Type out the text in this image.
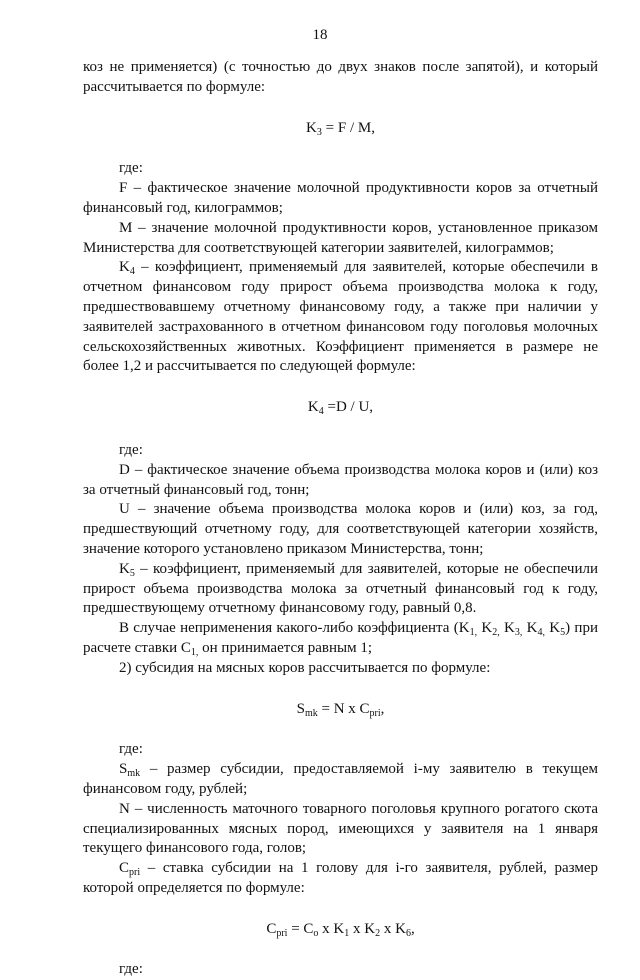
18

коз не применяется) (с точностью до двух знаков после запятой), и который рассчитывается по формуле:

$K_3 = F / M$,

где:

F – фактическое значение молочной продуктивности коров за отчетный финансовый год, килограммов;

M – значение молочной продуктивности коров, установленное приказом Министерства для соответствующей категории заявителей, килограммов;

$K_4$ – коэффициент, применяемый для заявителей, которые обеспечили в отчетном финансовом году прирост объема производства молока к году, предшествовавшему отчетному финансовому году, а также при наличии у заявителей застрахованного в отчетном финансовом году поголовья молочных сельскохозяйственных животных. Коэффициент применяется в размере не более 1,2 и рассчитывается по следующей формуле:

$K_4 =D / U$,

где:

D – фактическое значение объема производства молока коров и (или) коз за отчетный финансовый год, тонн;

U – значение объема производства молока коров и (или) коз, за год, предшествующий отчетному году, для соответствующей категории хозяйств, значение которого установлено приказом Министерства, тонн;

$K_5$ – коэффициент, применяемый для заявителей, которые не обеспечили прирост объема производства молока за отчетный финансовый год к году, предшествующему отчетному финансовому году, равный 0,8.

В случае неприменения какого-либо коэффициента ($K_{1,}$ $K_{2,}$ $K_{3,}$ $K_{4,}$ $K_5$) при расчете ставки $C_{1,}$ он принимается равным 1;

2) субсидия на мясных коров рассчитывается по формуле:

$S_{mk} = N$ x $C_{pri}$,

где:

$S_{mk}$ – размер субсидии, предоставляемой i-му заявителю в текущем финансовом году, рублей;

N – численность маточного товарного поголовья крупного рогатого скота специализированных мясных пород, имеющихся у заявителя на 1 января текущего финансового года, голов;

$C_{pri}$ – ставка субсидии на 1 голову для i-го заявителя, рублей, размер которой определяется по формуле:

$C_{pri} = C_o$ x $K_1$ x $K_2$ x $K_6$,

где:
